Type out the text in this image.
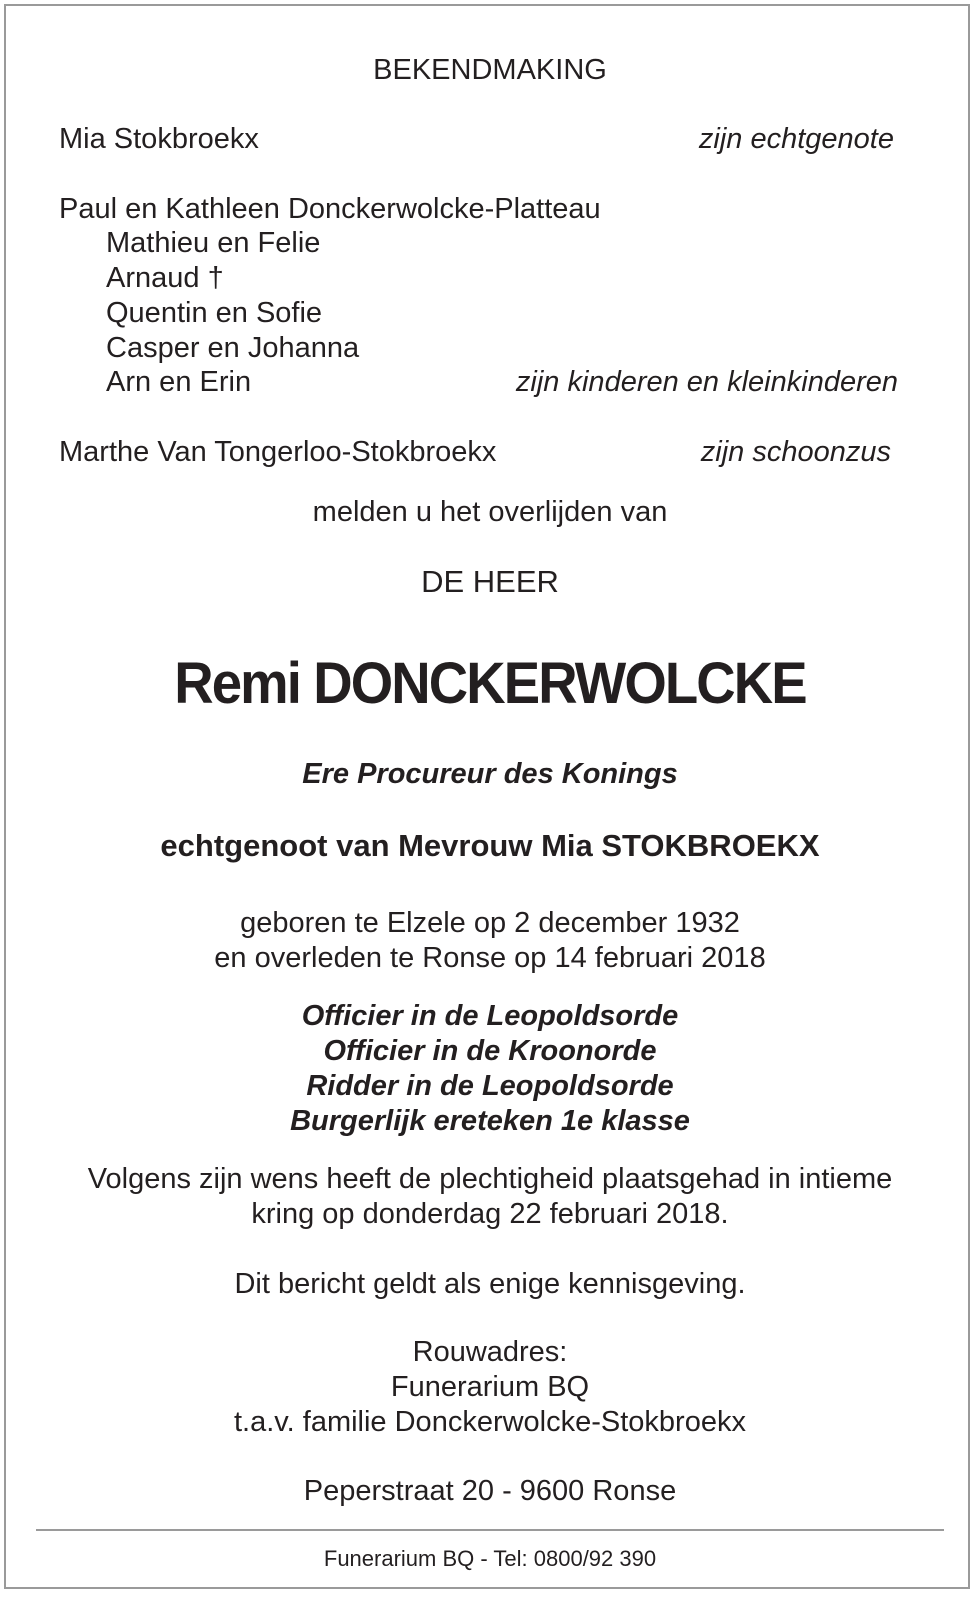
BEKENDMAKING
Mia Stokbroekx	zijn echtgenote
Paul en Kathleen Donckerwolcke-Platteau
Mathieu en Felie
Arnaud †
Quentin en Sofie
Casper en Johanna
Arn en Erin	zijn kinderen en kleinkinderen
Marthe Van Tongerloo-Stokbroekx	zijn schoonzus
melden u het overlijden van
DE HEER
Remi DONCKERWOLCKE
Ere Procureur des Konings
echtgenoot van Mevrouw Mia STOKBROEKX
geboren te Elzele op 2 december 1932
en overleden te Ronse op 14 februari 2018
Officier in de Leopoldsorde
Officier in de Kroonorde
Ridder in de Leopoldsorde
Burgerlijk ereteken 1e klasse
Volgens zijn wens heeft de plechtigheid plaatsgehad in intieme
kring op donderdag 22 februari 2018.
Dit bericht geldt als enige kennisgeving.
Rouwadres:
Funerarium BQ
t.a.v. familie Donckerwolcke-Stokbroekx
Peperstraat 20 - 9600 Ronse
Funerarium BQ - Tel: 0800/92 390
